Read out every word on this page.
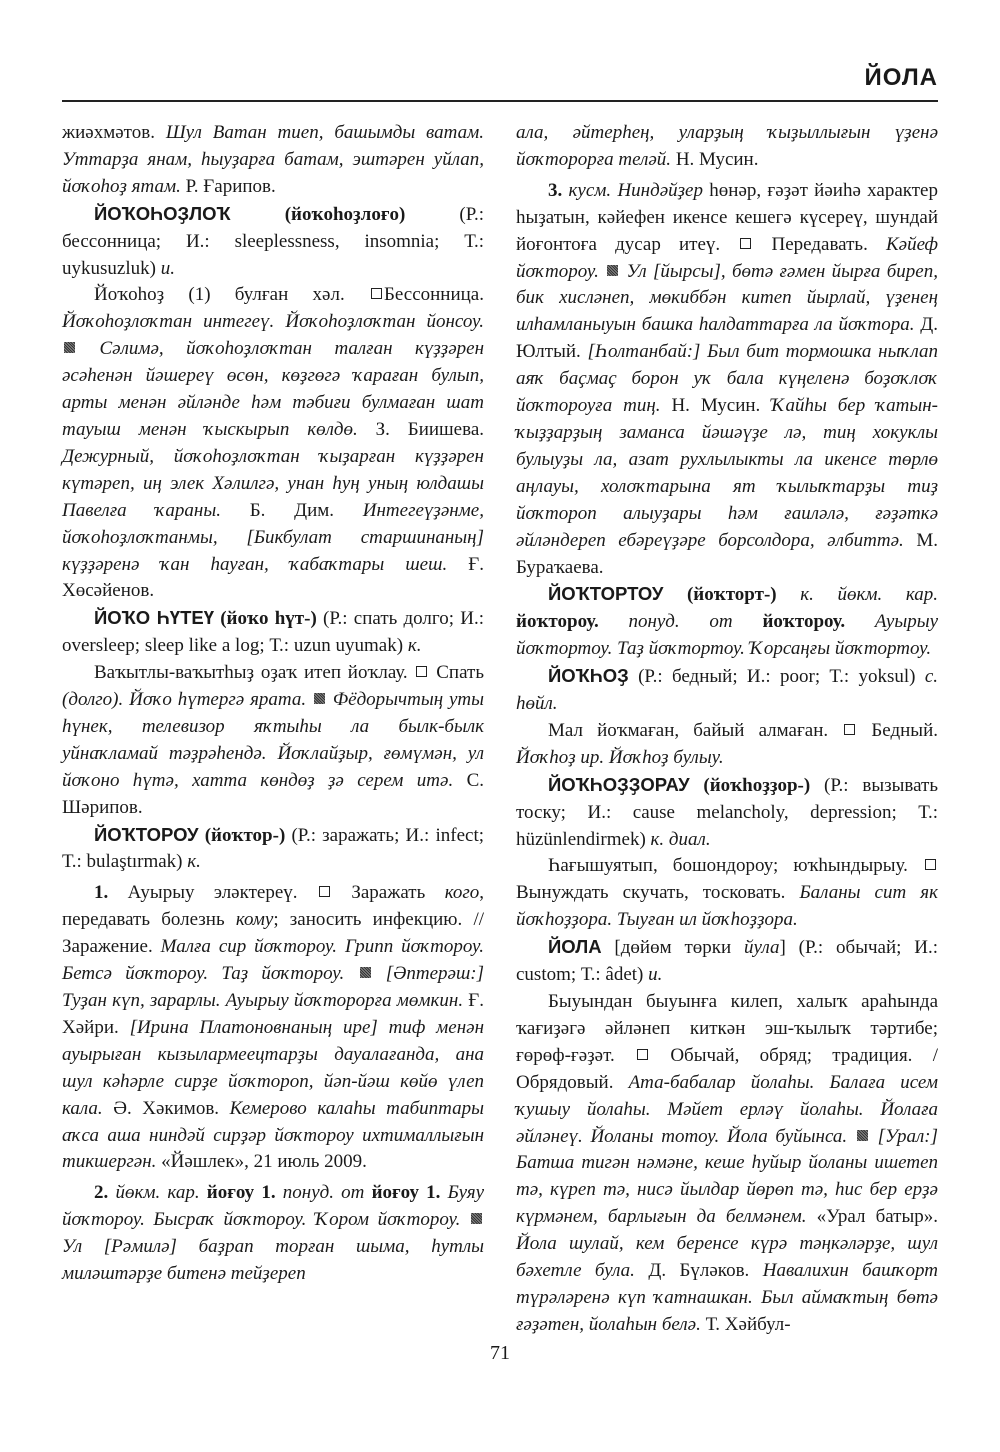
ЙОЛА

жиәхмәтов. Шул Ватан тиеп, башымды ватам. Уттарҙа янам, һыуҙарға батам, эштәрен уйлап, йоҡоһоҙ ятам. Р. Ғарипов.

ЙОҠОҺОҘЛОҠ (йоҡоһоҙлоғо) (Р.: бессонница; И.: sleeplessness, insomnia; Т.: uykusuzluk) и.

Йоҡоһоҙ (1) булған хәл. Бессонница. Йоҡоһоҙлоҡтан интегеү. Йоҡоһоҙлоҡтан йонсоу.  Сәлимә, йоҡоһоҙлоҡтан талған күҙҙәрен әсәһенән йәшереү өсөн, көҙгөгә ҡараған булып, арты менән әйләнде һәм тәбиғи булмаған шат тауыш менән ҡыскырып көлдө. З. Биишева. Дежурный, йоҡоһоҙлоҡтан ҡыҙарған күҙҙәрен күтәреп, иң элек Хәлилгә, унан һуң уның юлдашы Павелға ҡараны. Б. Дим. Интегеүҙәнме, йоҡоһоҙлоҡтанмы, [Бикбулат старшинаның] күҙҙәренә ҡан һауған, ҡабаҡтары шеш. Ғ. Хөсәйенов.

ЙОҠО ҺҮТЕҮ (йоҡо һүт-) (Р.: спать долго; И.: oversleep; sleep like a log; Т.: uzun uyumak) к.

Ваҡытлы-ваҡытһыҙ оҙаҡ итеп йоҡлау.  Спать (долго). Йоҡо һүтергә ярата.  Фёдорычтың уты һүнек, телевизор яҡтыһы ла былк-былк уйнаҡламай тәҙрәһендә. Йоҡлайҙыр, ғөмүмән, ул йоҡоно һүтә, хатта көндөҙ ҙә серем итә. С. Шәрипов.

ЙОҠТОРОУ (йоҡтор-) (Р.: заражать; И.: infect; Т.: bulaştırmak) к.

1. Ауырыу эләктереү.  Заражать кого, передавать болезнь кому; заносить инфекцию. // Заражение. Малға сир йоҡтороу. Грипп йоҡтороу. Бетсә йоҡтороу. Таҙ йоҡтороу.  [Әптерәш:] Туҙан күп, зарарлы. Ауырыу йоҡторорға мөмкин. Ғ. Хәйри. [Ирина Платоновнаның ире] тиф менән ауырыған кызылармеецтарҙы дауалағанда, ана шул кәһәрле сирҙе йоҡтороп, йәп-йәш көйө үлеп кала. Ә. Хәкимов. Кемерово калаһы табиптары аҡса аша ниндәй сирҙәр йоҡтороу ихтималлығын тикшергән. «Йәшлек», 21 июль 2009.

2. йөкм. кар. йоғоу 1. понуд. от йоғоу 1. Буяу йоҡтороу. Бысраҡ йоҡтороу. Ҡором йоҡтороу.  Ул [Рәмилә] баҙрап торған шыма, һутлы миләштәрҙе битенә тейҙереп

ала, әйтерһең, уларҙың ҡыҙыллығын үҙенә йоҡторорға теләй. Н. Мусин.

3. кусм. Ниндәйҙер һөнәр, ғәҙәт йәиһә характер һыҙатын, кәйефен икенсе кешегә күсереү, шундай йоғонтоға дусар итеү.  Передавать. Кәйеф йоҡтороу.  Ул [йырсы], бөтә ғәмен йырға биреп, бик хисләнеп, мөкиббән китеп йырлай, үҙенең илһамланыуын башка һалдаттарға ла йоҡтора. Д. Юлтый. [Һолтанбай:] Был бит тормошка ныҡлап аяҡ баҫмаҫ борон уҡ бала күңеленә боҙоҡлоҡ йоҡтороуға тиң. Н. Мусин. Ҡайһы бер ҡатын-ҡыҙҙарҙың заманса йәшәүҙе лә, тиң хокуклы булыуҙы ла, азат рухлылыкты ла икенсе төрлө аңлауы, холоҡтарына ят ҡылыҡтарҙы тиҙ йоҡтороп алыуҙары һәм ғаиләлә, ғәҙәткә әйләндереп ебәреүҙәре борсолдора, әлбиттә. М. Бураҡаева.

ЙОҠТОРТОУ (йоҡторт-) к. йөкм. кар. йоҡтороу. понуд. от йоҡтороу. Ауырыу йоҡтортоу. Таҙ йоҡтортоу. Ҡорсаңғы йоҡтортоу.

ЙОҠҺОҘ (Р.: бедный; И.: poor; Т.: yoksul) с. һөйл.

Мал йоҡмаған, байый алмаған.  Бедный. Йоҡһоҙ ир. Йоҡһоҙ булыу.

ЙОҠҺОҘҘОРАУ (йоҡһоҙҙор-) (Р.: вызывать тоску; И.: cause melancholy, depression; Т.: hüzünlendirmek) к. диал.

Һағышуятып, бошондороу; юҡһындырыу.  Вынуждать скучать, тосковать. Баланы сит як йоҡһоҙҙора. Тыуған ил йоҡһоҙҙора.

ЙОЛА [дөйөм төрки йула] (Р.: обычай; И.: custom; Т.: âdet) и.

Быуындан быуынға килеп, халыҡ араһында ҡағиҙәгә әйләнеп киткән эш-ҡылыҡ тәртибе; ғөрөф-ғәҙәт.  Обычай, обряд; традиция. / Обрядовый. Ата-бабалар йолаһы. Балаға исем ҡушыу йолаһы. Мәйет ерләү йолаһы. Йолаға әйләнеү. Йоланы тотоу. Йола буйынса.  [Урал:] Батша тигән нәмәне, кеше һуйыр йоланы ишетеп тә, күреп тә, нисә йылдар йөрөп тә, һис бер ерҙә күрмәнем, барлығын да белмәнем. «Урал батыр». Йола шулай, кем беренсе күрә тәңкәләрҙе, шул бәхетле була. Д. Бүләков. Навалихин башҡорт түрәләренә күп ҡатнашкан. Был аймаҡтың бөтә ғәҙәтен, йолаһын белә. Т. Хәйбул-

71
